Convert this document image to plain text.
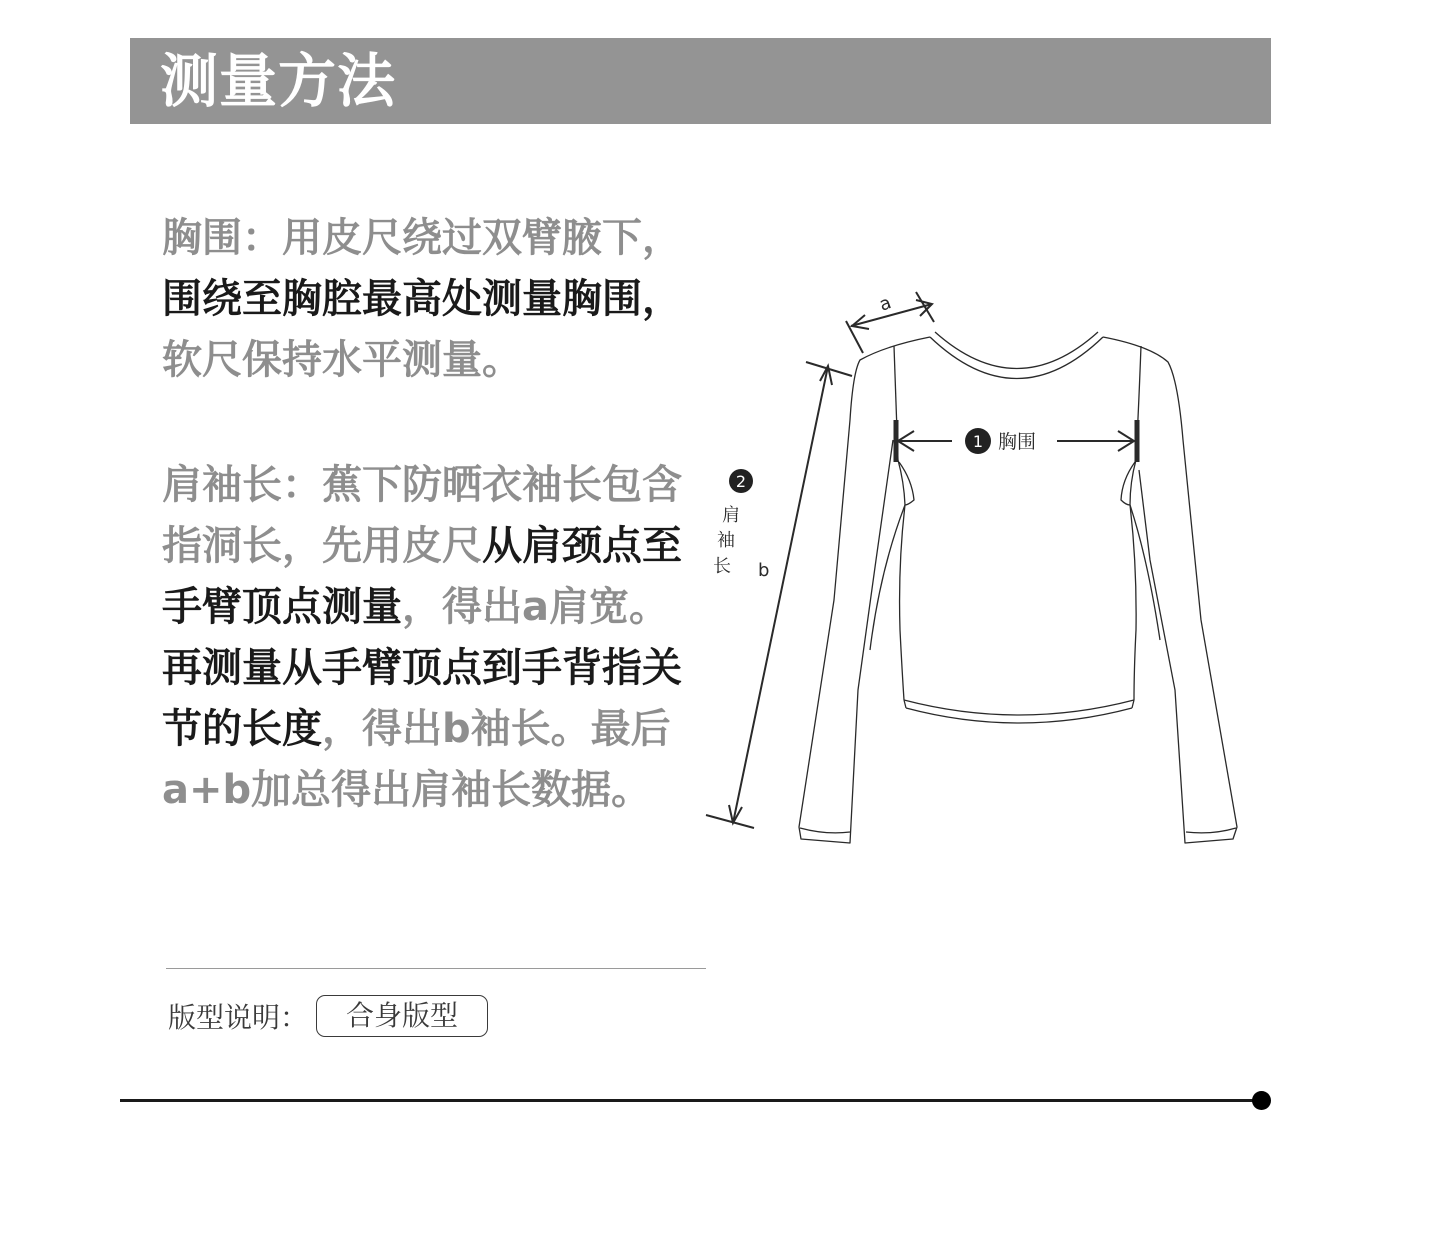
测量方法
胸围：用皮尺绕过双臂腋下，围绕至胸腔最高处测量胸围，软尺保持水平测量。
肩袖长：蕉下防晒衣袖长包含指洞长，先用皮尺从肩颈点至手臂顶点测量，得出a肩宽。再测量从手臂顶点到手背指关节的长度，得出b袖长。最后a+b加总得出肩袖长数据。
a
b
2
肩
袖
长
1 胸围
版型说明：	合身版型
